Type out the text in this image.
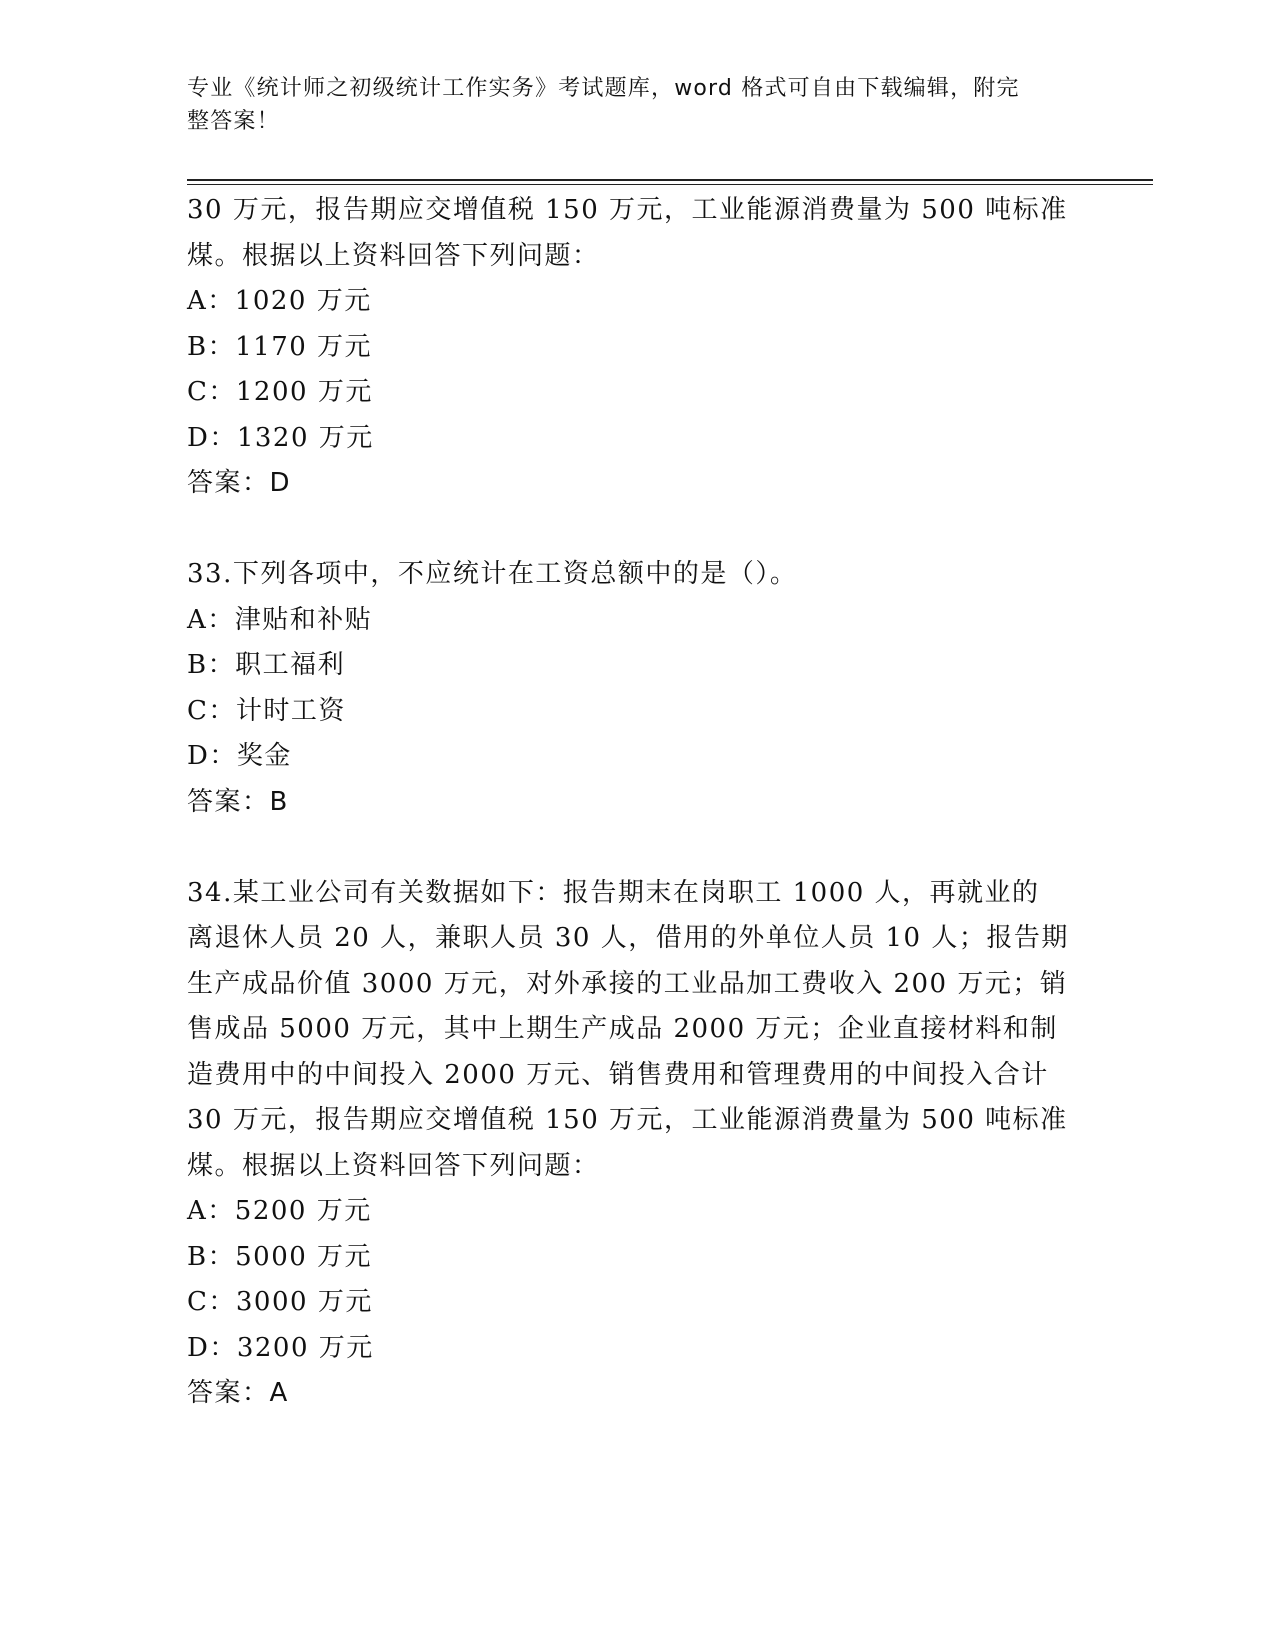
专业《统计师之初级统计工作实务》考试题库，word 格式可自由下载编辑，附完
整答案！
30 万元，报告期应交增值税 150 万元，工业能源消费量为 500 吨标准
煤。根据以上资料回答下列问题：
A：1020 万元
B：1170 万元
C：1200 万元
D：1320 万元
答案：D
33.下列各项中，不应统计在工资总额中的是（）。
A：津贴和补贴
B：职工福利
C：计时工资
D：奖金
答案：B
34.某工业公司有关数据如下：报告期末在岗职工 1000 人，再就业的
离退休人员 20 人，兼职人员 30 人，借用的外单位人员 10 人；报告期
生产成品价值 3000 万元，对外承接的工业品加工费收入 200 万元；销
售成品 5000 万元，其中上期生产成品 2000 万元；企业直接材料和制
造费用中的中间投入 2000 万元、销售费用和管理费用的中间投入合计
30 万元，报告期应交增值税 150 万元，工业能源消费量为 500 吨标准
煤。根据以上资料回答下列问题：
A：5200 万元
B：5000 万元
C：3000 万元
D：3200 万元
答案：A
